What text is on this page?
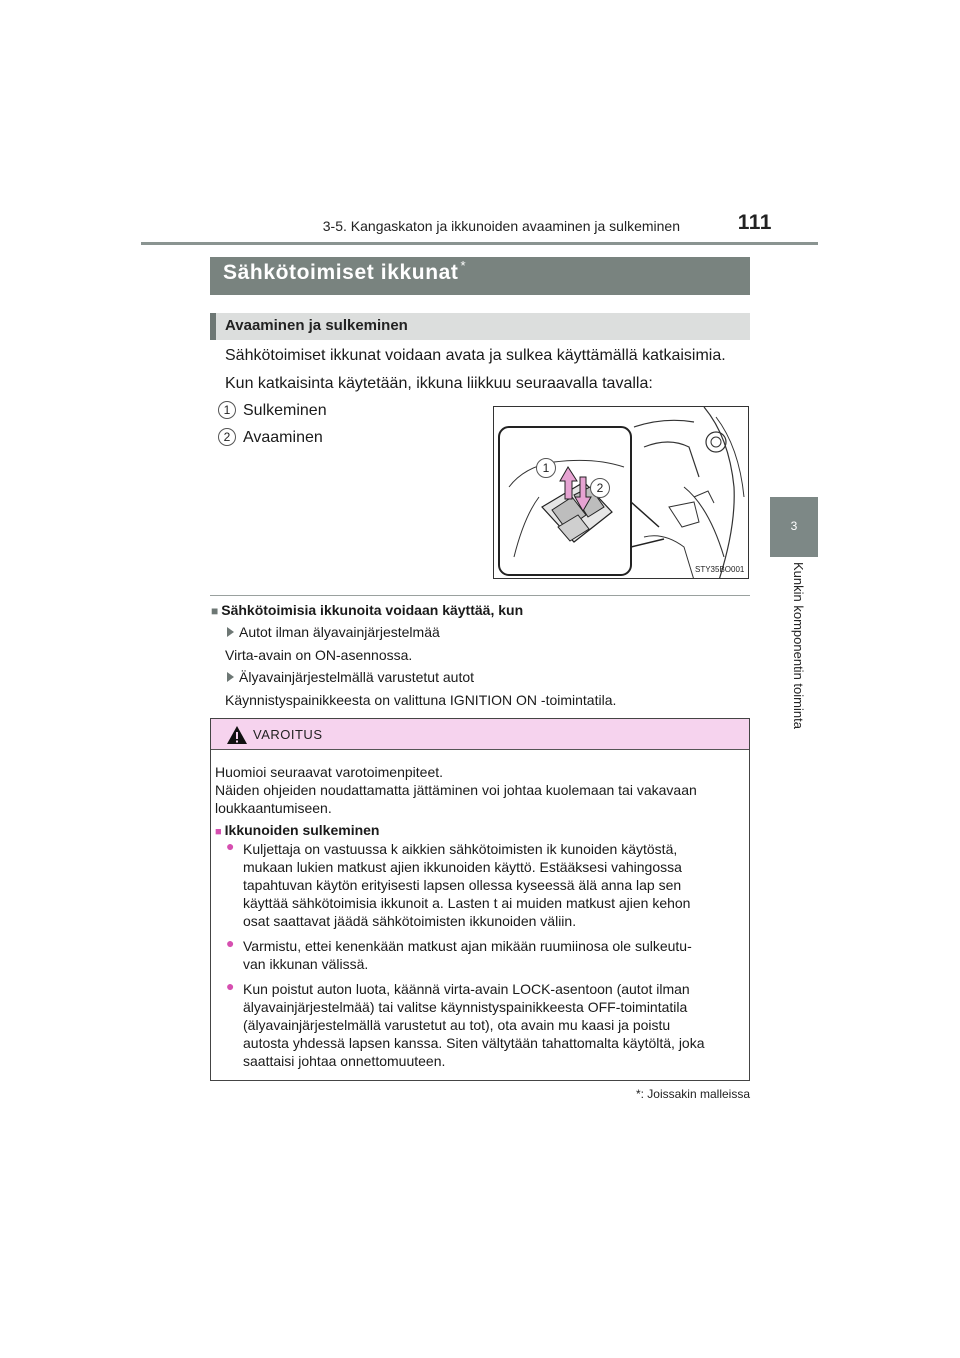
3-5. Kangaskaton ja ikkunoiden avaaminen ja sulkeminen	111
3
Kunkin komponentin toiminta
Sähkötoimiset ikkunat *
Avaaminen ja sulkeminen
Sähkötoimiset ikkunat voidaan avata ja sulkea käyttämällä katkaisimia.
Kun katkaisinta käytetään, ikkuna liikkuu seuraavalla tavalla:
1 Sulkeminen
2 Avaaminen
1
2
STY35BO001
■ Sähkötoimisia ikkunoita voidaan käyttää, kun
Autot ilman älyavainjärjestelmää
Virta-avain on ON-asennossa.
Älyavainjärjestelmällä varustetut autot
Käynnistyspainikkeesta on valittuna IGNITION ON -toimintatila.
VAROITUS
Huomioi seuraavat varotoimenpiteet.
Näiden ohjeiden noudattamatta jättäminen voi johtaa kuolemaan tai vakavaan
loukkaantumiseen.
■ Ikkunoiden sulkeminen
● Kuljettaja on vastuussa k aikkien sähkötoimisten ik kunoiden käytöstä,
mukaan lukien matkust ajien ikkunoiden käyttö. Estääksesi vahingossa
tapahtuvan käytön erityisesti lapsen ollessa kyseessä älä anna lap sen
käyttää sähkötoimisia ikkunoit a. Lasten t ai muiden matkust ajien kehon
osat saattavat jäädä sähkötoimisten ikkunoiden väliin.
● Varmistu, ettei kenenkään matkust ajan mikään ruumiinosa ole sulkeutu-
van ikkunan välissä.
● Kun poistut auton luota, käännä virta-avain LOCK-asentoon (autot ilman
älyavainjärjestelmää) tai valitse käynnistyspainikkeesta OFF-toimintatila
(älyavainjärjestelmällä varustetut au tot), ota avain mu kaasi ja poistu
autosta yhdessä lapsen kanssa. Siten vältytään tahattomalta käytöltä, joka
saattaisi johtaa onnettomuuteen.
*: Joissakin malleissa
